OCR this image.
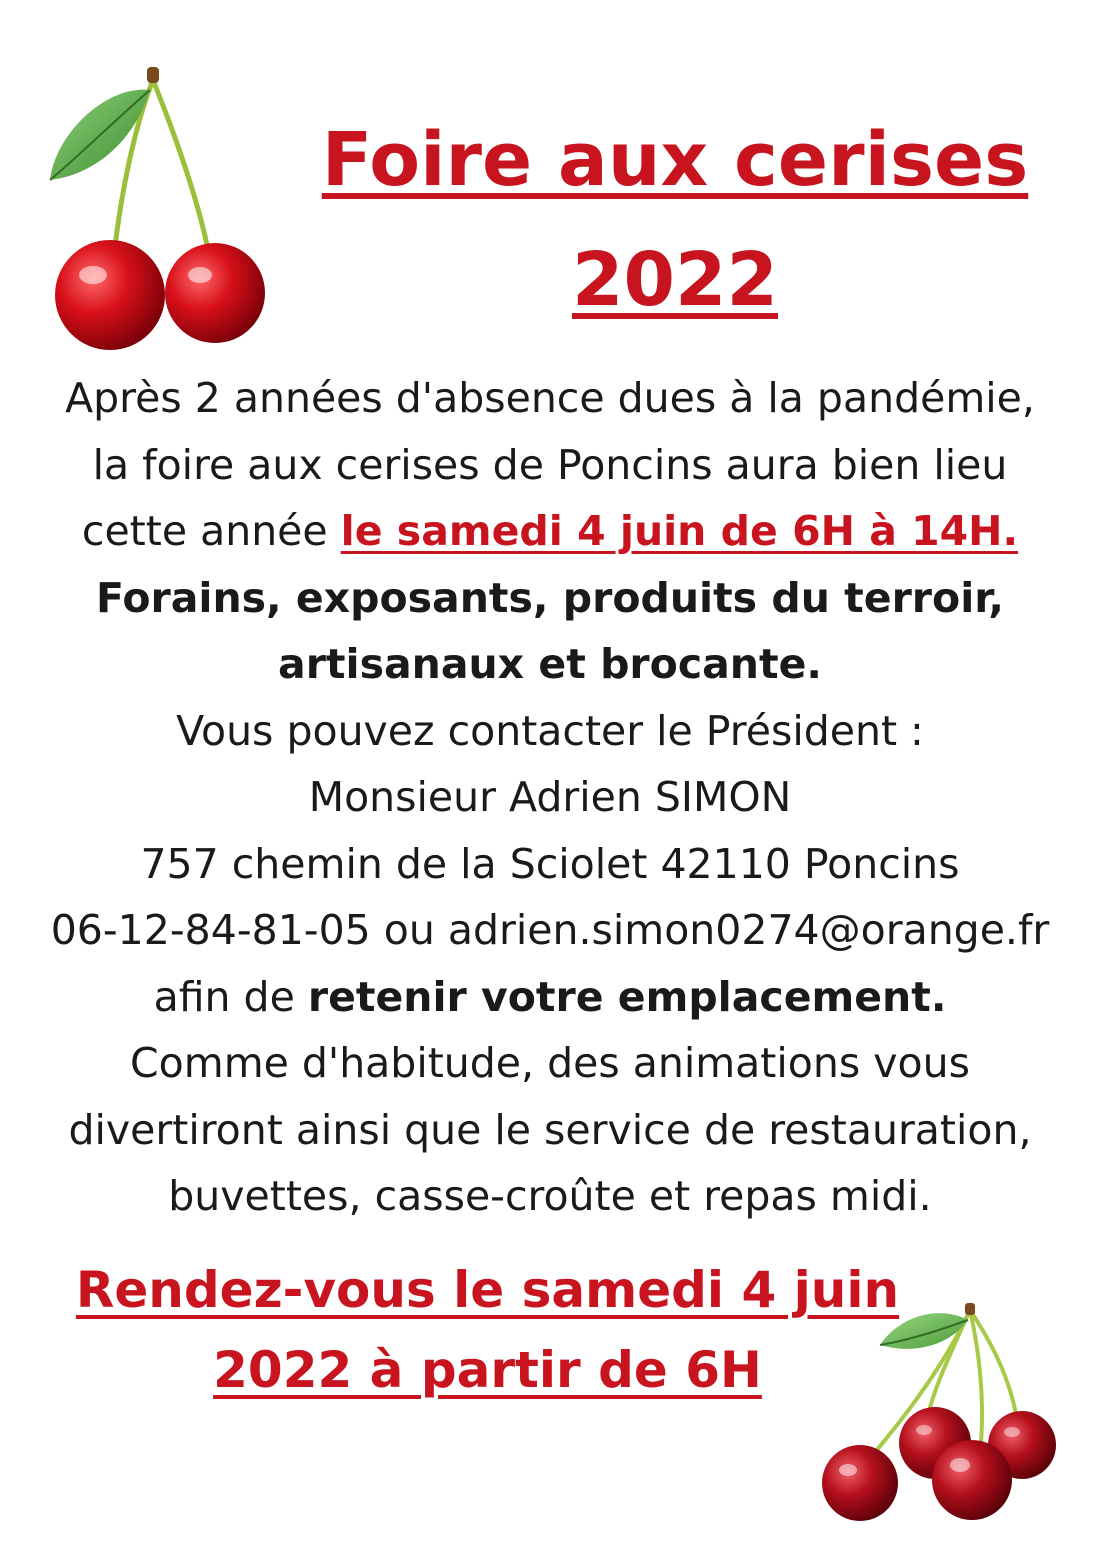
Foire aux cerises
2022
Après 2 années d'absence dues à la pandémie,
la foire aux cerises de Poncins aura bien lieu
cette année le samedi 4 juin de 6H à 14H.
Forains, exposants, produits du terroir,
artisanaux et brocante.
Vous pouvez contacter le Président :
Monsieur Adrien SIMON
757 chemin de la Sciolet 42110 Poncins
06-12-84-81-05 ou adrien.simon0274@orange.fr
afin de retenir votre emplacement.
Comme d'habitude, des animations vous
divertiront ainsi que le service de restauration,
buvettes, casse-croûte et repas midi.
Rendez-vous le samedi 4 juin
2022 à partir de 6H
